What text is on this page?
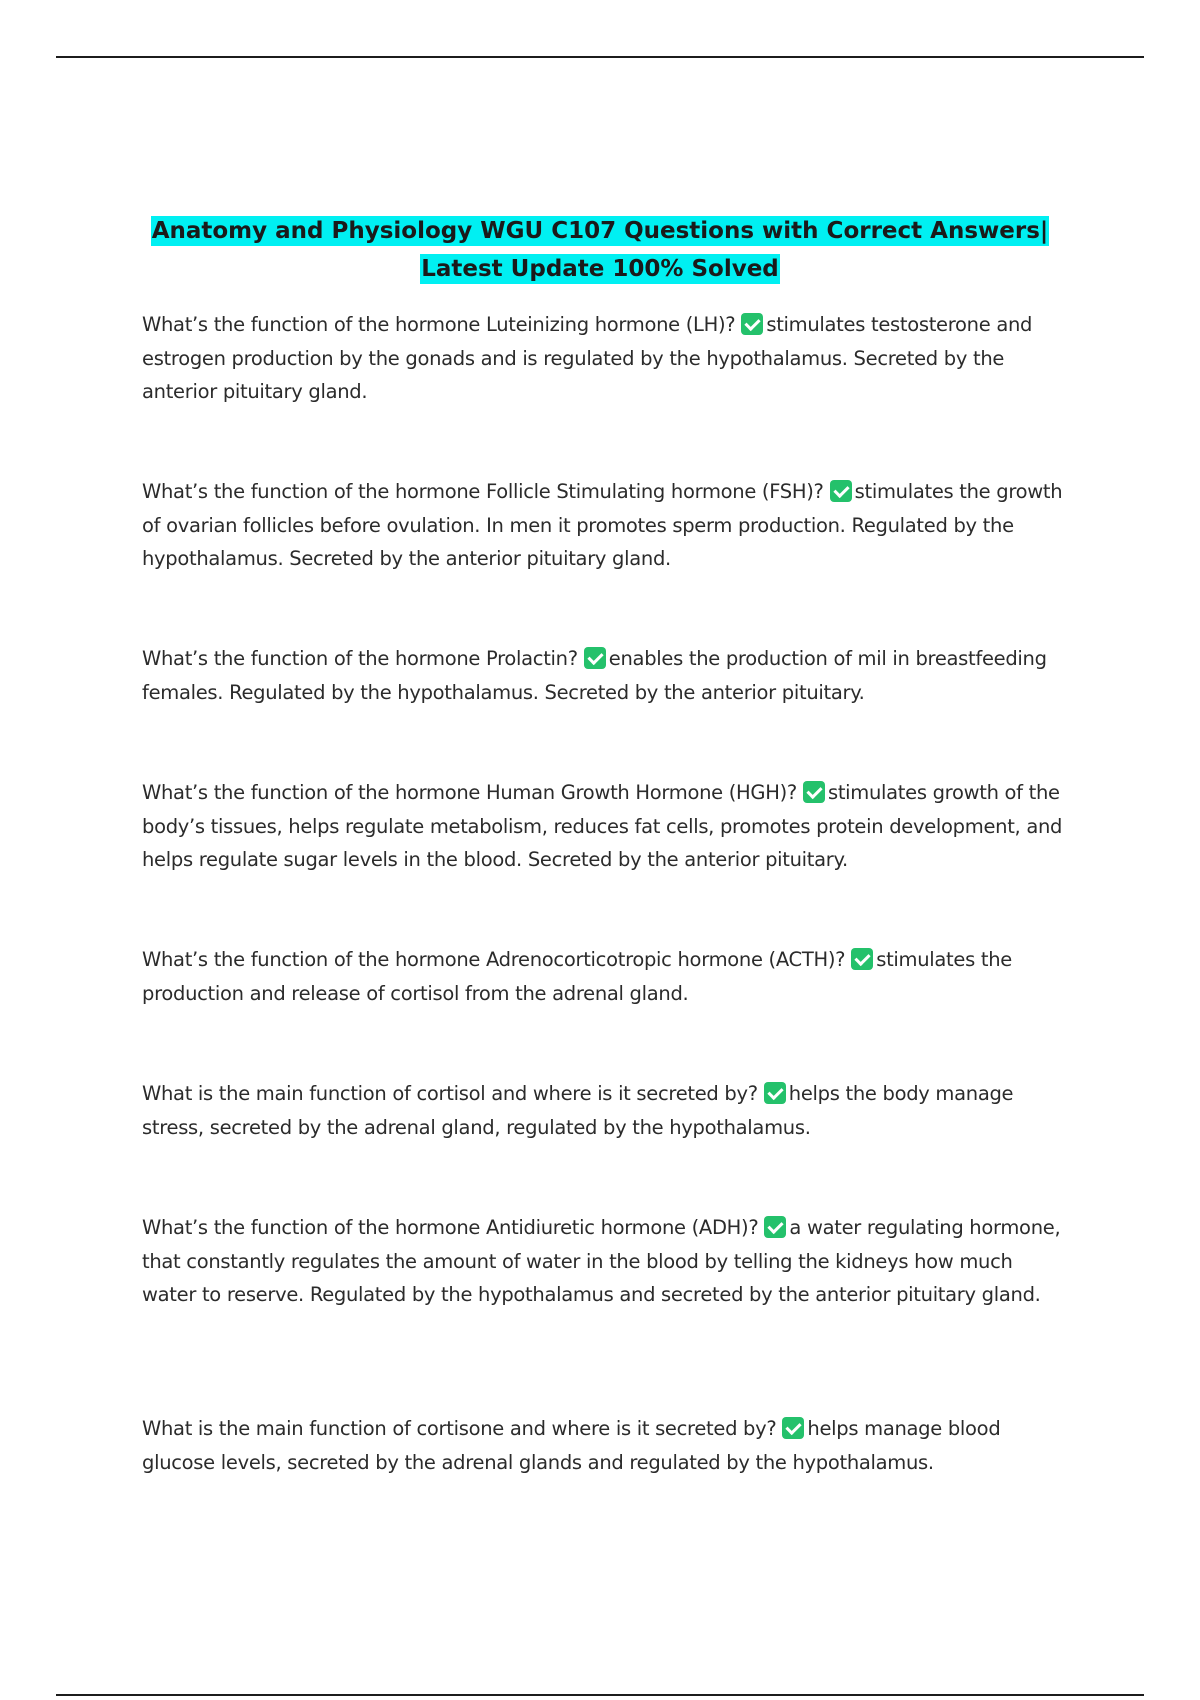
Anatomy and Physiology WGU C107 Questions with Correct Answers| Latest Update 100% Solved

What’s the function of the hormone Luteinizing hormone (LH)? stimulates testosterone and estrogen production by the gonads and is regulated by the hypothalamus. Secreted by the anterior pituitary gland.

What’s the function of the hormone Follicle Stimulating hormone (FSH)? stimulates the growth of ovarian follicles before ovulation. In men it promotes sperm production. Regulated by the hypothalamus. Secreted by the anterior pituitary gland.

What’s the function of the hormone Prolactin? enables the production of mil in breastfeeding females. Regulated by the hypothalamus. Secreted by the anterior pituitary.

What’s the function of the hormone Human Growth Hormone (HGH)? stimulates growth of the body’s tissues, helps regulate metabolism, reduces fat cells, promotes protein development, and helps regulate sugar levels in the blood. Secreted by the anterior pituitary.

What’s the function of the hormone Adrenocorticotropic hormone (ACTH)? stimulates the production and release of cortisol from the adrenal gland.

What is the main function of cortisol and where is it secreted by? helps the body manage stress, secreted by the adrenal gland, regulated by the hypothalamus.

What’s the function of the hormone Antidiuretic hormone (ADH)? a water regulating hormone, that constantly regulates the amount of water in the blood by telling the kidneys how much water to reserve. Regulated by the hypothalamus and secreted by the anterior pituitary gland.

What is the main function of cortisone and where is it secreted by? helps manage blood glucose levels, secreted by the adrenal glands and regulated by the hypothalamus.
